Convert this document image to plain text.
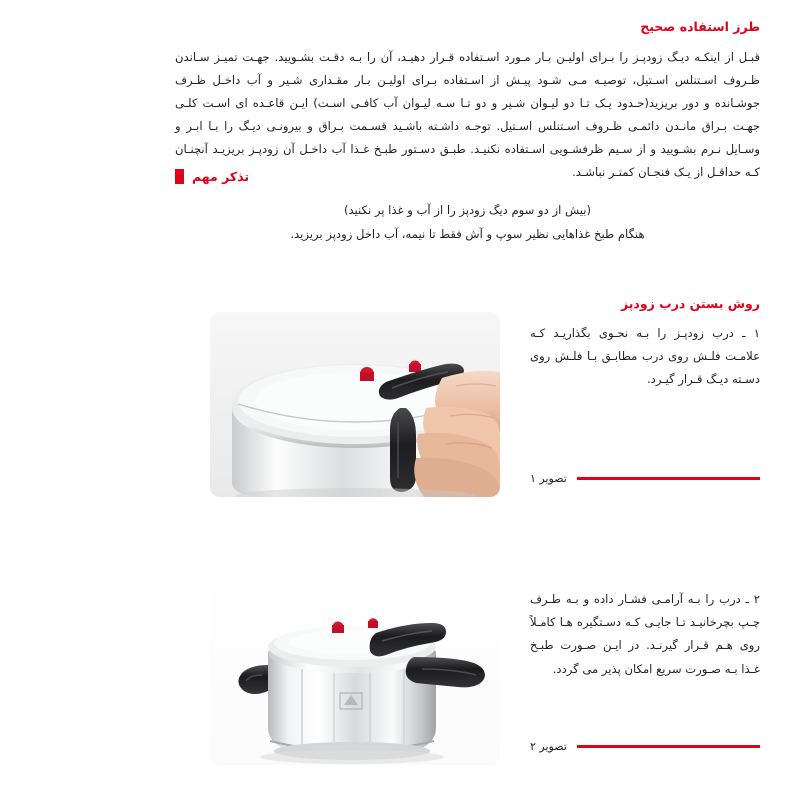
طرز استفاده صحیح
قبـل از اینکـه دیـگ زودپـز را بـرای اولیـن بـار مـورد اسـتفاده قـرار دهیـد، آن را بـه دقـت بشـویید. جهـت تمیـز سـاندن ظـروف اسـتنلس اسـتیل، توصیـه مـی شـود پیـش از اسـتفاده بـرای اولیـن بـار مقـداری شـیر و آب داخـل ظـرف جوشـانده و دور بریزید(حـدود یـک تـا دو لیـوان شـیر و دو تـا سـه لیـوان آب کافـی اسـت) ایـن قاعـده ای اسـت کلـی جهـت بـراق مانـدن دائمـی ظـروف اسـتنلس اسـتیل. توجـه داشـته باشـید قسـمت بـراق و بیرونـی دیـگ را بـا ابـر و وسـایل نـرم بشـویید و از سـیم ظرفشـویی اسـتفاده نکنیـد. طبـق دسـتور طبـخ غـذا آب داخـل آن زودپـز بریزیـد آنچنـان کـه حداقـل از یـک فنجـان کمتـر نباشـد.
تذکر مهم
(بیش از دو سوم دیگ زودپز را از آب و غذا پر نکنید)
هنگام طبخ غذاهایی نظیر سوپ و آش فقط تا نیمه، آب داخل زودپز بریزید.
روش بستن درب زودپز
۱ ـ درب زودپـز را بـه نحـوی بگذاریـد کـه علامـت فلـش روی درب مطابـق بـا فلـش روی دسـته دیـگ قـرار گیـرد.
تصویر ۱
۲ ـ درب را بـه آرامـی فشـار داده و بـه طـرف چـپ بچرخانیـد تـا جایـی کـه دسـتگیره هـا کامـلاً روی هـم قـرار گیرنـد. در ایـن صـورت طبـخ غـذا بـه صـورت سریع امکان پذیر می گردد.
تصویر ۲
